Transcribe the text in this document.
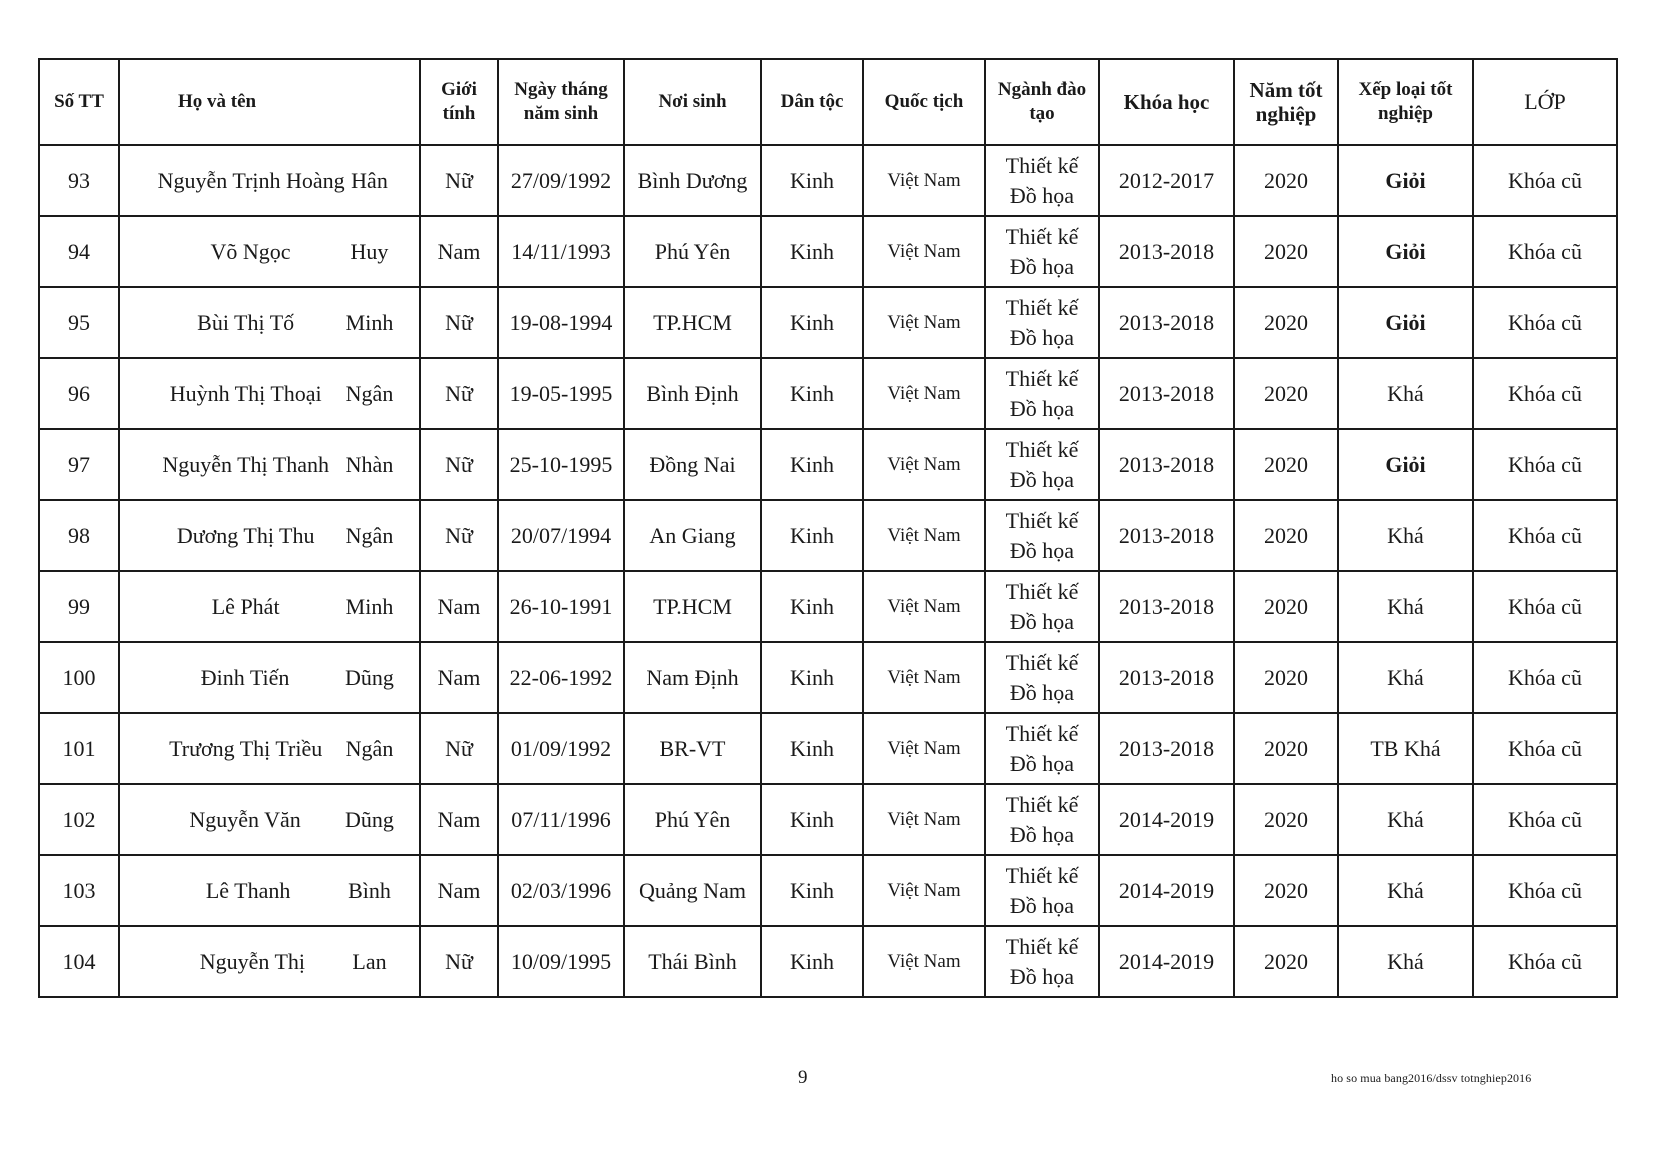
Số TT	Họ và tên	Giới tính	Ngày tháng năm sinh	Nơi sinh	Dân tộc	Quốc tịch	Ngành đào tạo	Khóa học	Năm tốt nghiệp	Xếp loại tốt nghiệp	LỚP
93	Nguyễn Trịnh Hoàng Hân	Nữ	27/09/1992	Bình Dương	Kinh	Việt Nam	Thiết kế Đồ họa	2012-2017	2020	Giỏi	Khóa cũ
94	Võ Ngọc Huy	Nam	14/11/1993	Phú Yên	Kinh	Việt Nam	Thiết kế Đồ họa	2013-2018	2020	Giỏi	Khóa cũ
95	Bùi Thị Tố Minh	Nữ	19-08-1994	TP.HCM	Kinh	Việt Nam	Thiết kế Đồ họa	2013-2018	2020	Giỏi	Khóa cũ
96	Huỳnh Thị Thoại Ngân	Nữ	19-05-1995	Bình Định	Kinh	Việt Nam	Thiết kế Đồ họa	2013-2018	2020	Khá	Khóa cũ
97	Nguyễn Thị Thanh Nhàn	Nữ	25-10-1995	Đồng Nai	Kinh	Việt Nam	Thiết kế Đồ họa	2013-2018	2020	Giỏi	Khóa cũ
98	Dương Thị Thu Ngân	Nữ	20/07/1994	An Giang	Kinh	Việt Nam	Thiết kế Đồ họa	2013-2018	2020	Khá	Khóa cũ
99	Lê Phát Minh	Nam	26-10-1991	TP.HCM	Kinh	Việt Nam	Thiết kế Đồ họa	2013-2018	2020	Khá	Khóa cũ
100	Đinh Tiến Dũng	Nam	22-06-1992	Nam Định	Kinh	Việt Nam	Thiết kế Đồ họa	2013-2018	2020	Khá	Khóa cũ
101	Trương Thị Triều Ngân	Nữ	01/09/1992	BR-VT	Kinh	Việt Nam	Thiết kế Đồ họa	2013-2018	2020	TB Khá	Khóa cũ
102	Nguyễn Văn Dũng	Nam	07/11/1996	Phú Yên	Kinh	Việt Nam	Thiết kế Đồ họa	2014-2019	2020	Khá	Khóa cũ
103	Lê Thanh Bình	Nam	02/03/1996	Quảng Nam	Kinh	Việt Nam	Thiết kế Đồ họa	2014-2019	2020	Khá	Khóa cũ
104	Nguyễn Thị Lan	Nữ	10/09/1995	Thái Bình	Kinh	Việt Nam	Thiết kế Đồ họa	2014-2019	2020	Khá	Khóa cũ
9	ho so mua bang2016/dssv totnghiep2016
